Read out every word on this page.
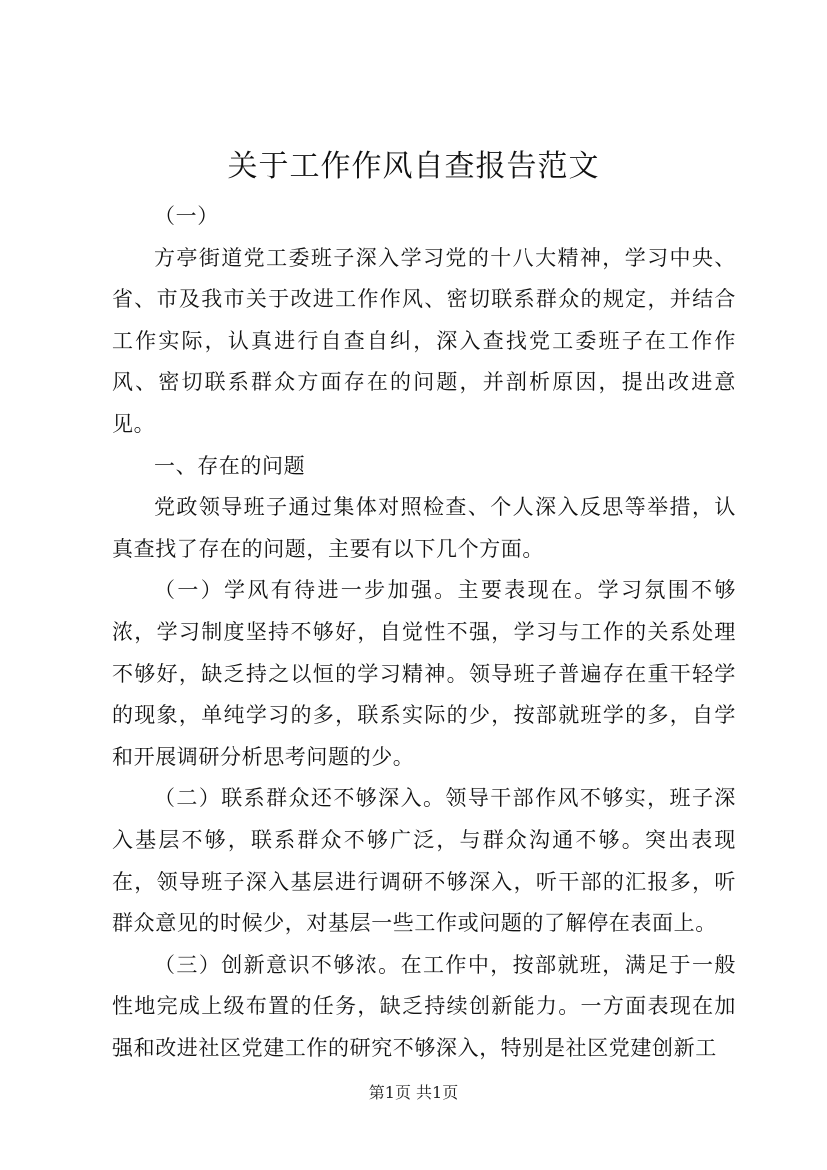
关于工作作风自查报告范文

（一）

方亭街道党工委班子深入学习党的十八大精神，学习中央、省、市及我市关于改进工作作风、密切联系群众的规定，并结合工作实际，认真进行自查自纠，深入查找党工委班子在工作作风、密切联系群众方面存在的问题，并剖析原因，提出改进意见。

一、存在的问题

党政领导班子通过集体对照检查、个人深入反思等举措，认真查找了存在的问题，主要有以下几个方面。

（一）学风有待进一步加强。主要表现在。学习氛围不够浓，学习制度坚持不够好，自觉性不强，学习与工作的关系处理不够好，缺乏持之以恒的学习精神。领导班子普遍存在重干轻学的现象，单纯学习的多，联系实际的少，按部就班学的多，自学和开展调研分析思考问题的少。

（二）联系群众还不够深入。领导干部作风不够实，班子深入基层不够，联系群众不够广泛，与群众沟通不够。突出表现在，领导班子深入基层进行调研不够深入，听干部的汇报多，听群众意见的时候少，对基层一些工作或问题的了解停在表面上。

（三）创新意识不够浓。在工作中，按部就班，满足于一般性地完成上级布置的任务，缺乏持续创新能力。一方面表现在加强和改进社区党建工作的研究不够深入，特别是社区党建创新工

第1页 共1页
